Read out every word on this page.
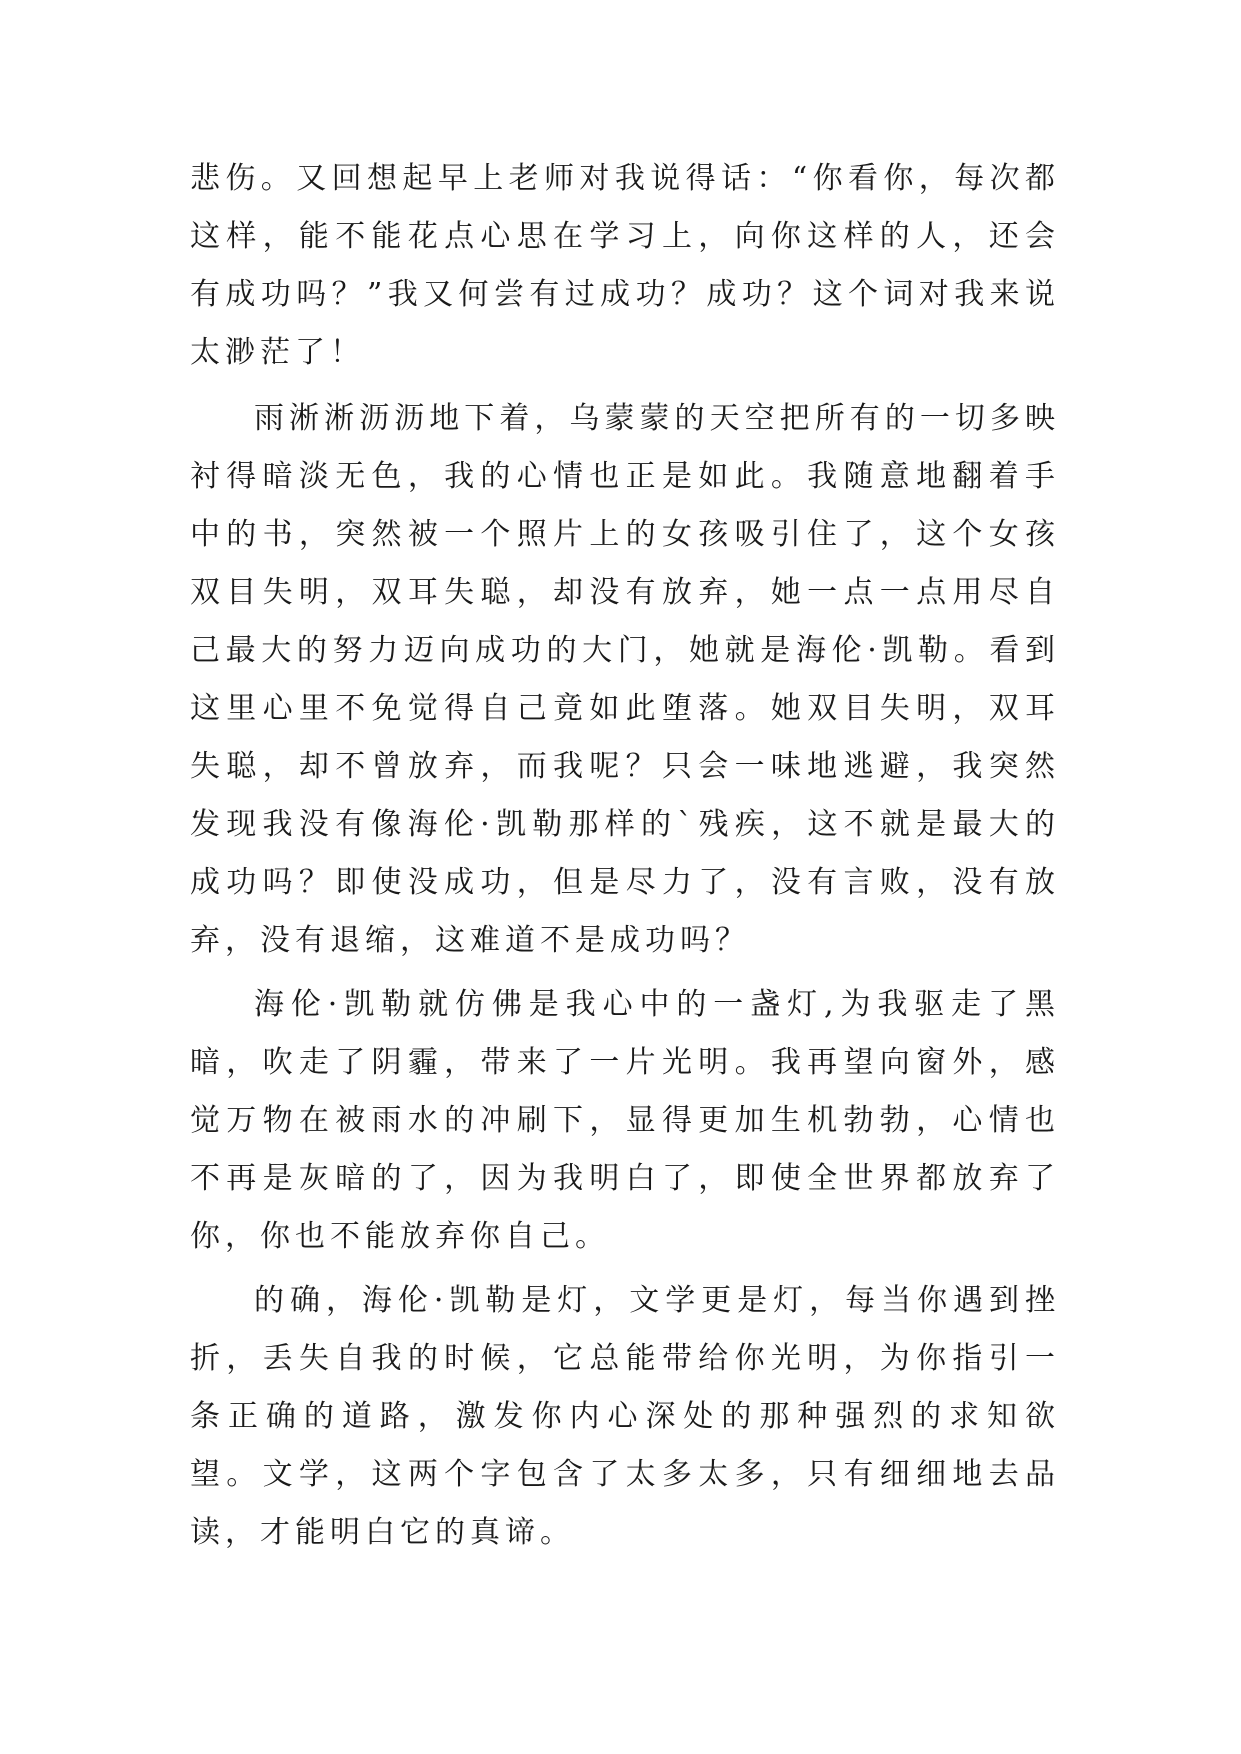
悲伤。又回想起早上老师对我说得话：“你看你，每次都这样，能不能花点心思在学习上，向你这样的人，还会有成功吗？”我又何尝有过成功？成功？这个词对我来说太渺茫了！

雨淅淅沥沥地下着，乌蒙蒙的天空把所有的一切多映衬得暗淡无色，我的心情也正是如此。我随意地翻着手中的书，突然被一个照片上的女孩吸引住了，这个女孩双目失明，双耳失聪，却没有放弃，她一点一点用尽自己最大的努力迈向成功的大门，她就是海伦·凯勒。看到这里心里不免觉得自己竟如此堕落。她双目失明，双耳失聪，却不曾放弃，而我呢？只会一味地逃避，我突然发现我没有像海伦·凯勒那样的`残疾，这不就是最大的成功吗？即使没成功，但是尽力了，没有言败，没有放弃，没有退缩，这难道不是成功吗？

海伦·凯勒就仿佛是我心中的一盏灯,为我驱走了黑暗，吹走了阴霾，带来了一片光明。我再望向窗外，感觉万物在被雨水的冲刷下，显得更加生机勃勃，心情也不再是灰暗的了，因为我明白了，即使全世界都放弃了你，你也不能放弃你自己。

的确，海伦·凯勒是灯，文学更是灯，每当你遇到挫折，丢失自我的时候，它总能带给你光明，为你指引一条正确的道路，激发你内心深处的那种强烈的求知欲望。文学，这两个字包含了太多太多，只有细细地去品读，才能明白它的真谛。
